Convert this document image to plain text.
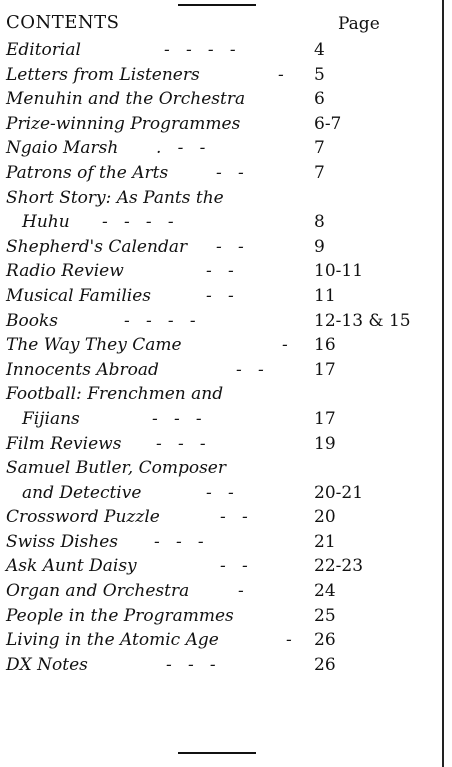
CONTENTS	Page
Editorial	-   -   -   -	4
Letters from Listeners	- 5
Menuhin and the Orchestra	6
Prize-winning Programmes	6-7
Ngaio Marsh .   -   -	7
Patrons of the Arts	-   -	7
Short Story: As Pants the
Huhu -   -   -   -	8
Shepherd's Calendar -   -	9
Radio Review	-   -	10-11
Musical Families	-   -	11
Books	-   -   -   -	12-13 & 15
The Way They Came	- 16
Innocents Abroad	-   -	17
Football: Frenchmen and
Fijians	-   -   -	17
Film Reviews -   -   -	19
Samuel Butler, Composer
and Detective	-   -	20-21
Crossword Puzzle	-   -	20
Swiss Dishes -   -   -	21
Ask Aunt Daisy	-   -	22-23
Organ and Orchestra	-	24
People in the Programmes	25
Living in the Atomic Age	- 26
DX Notes	-   -   -	26
